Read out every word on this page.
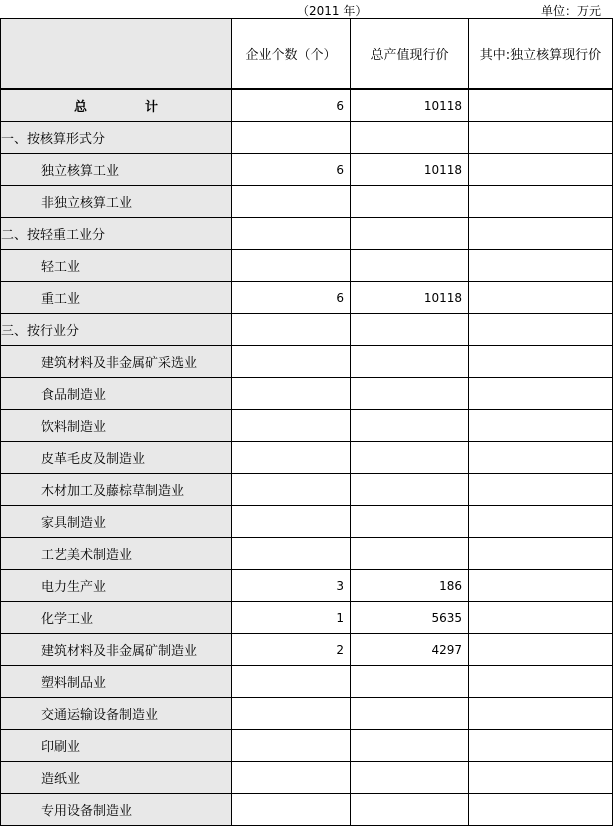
（2011 年）	单位：万元
	企业个数（个）	总产值现行价	其中:独立核算现行价
总 计	6	10118	
一、按核算形式分			
独立核算工业	6	10118	
非独立核算工业			
二、按轻重工业分			
轻工业			
重工业	6	10118	
三、按行业分			
建筑材料及非金属矿采选业			
食品制造业			
饮料制造业			
皮革毛皮及制造业			
木材加工及藤棕草制造业			
家具制造业			
工艺美术制造业			
电力生产业	3	186	
化学工业	1	5635	
建筑材料及非金属矿制造业	2	4297	
塑料制品业			
交通运输设备制造业			
印刷业			
造纸业			
专用设备制造业			
